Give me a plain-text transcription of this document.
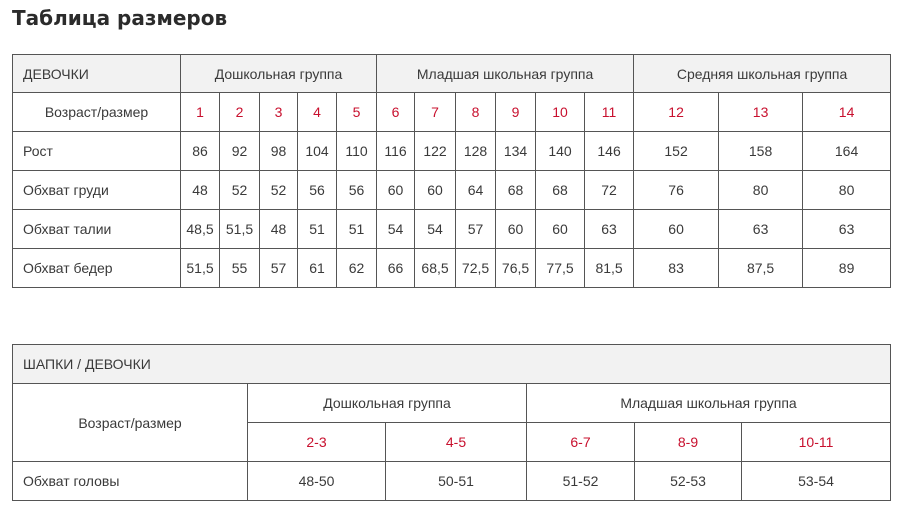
Таблица размеров
ДЕВОЧКИ	Дошкольная группа					Младшая школьная группа						Средняя школьная группа		
Возраст/размер	1	2	3	4	5	6	7	8	9	10	11	12	13	14
Рост	86	92	98	104	110	116	122	128	134	140	146	152	158	164
Обхват груди	48	52	52	56	56	60	60	64	68	68	72	76	80	80
Обхват талии	48,5	51,5	48	51	51	54	54	57	60	60	63	60	63	63
Обхват бедер	51,5	55	57	61	62	66	68,5	72,5	76,5	77,5	81,5	83	87,5	89
ШАПКИ / ДЕВОЧКИ					
Возраст/размер	Дошкольная группа		Младшая школьная группа		
	2-3	4-5	6-7	8-9	10-11
Обхват головы	48-50	50-51	51-52	52-53	53-54
